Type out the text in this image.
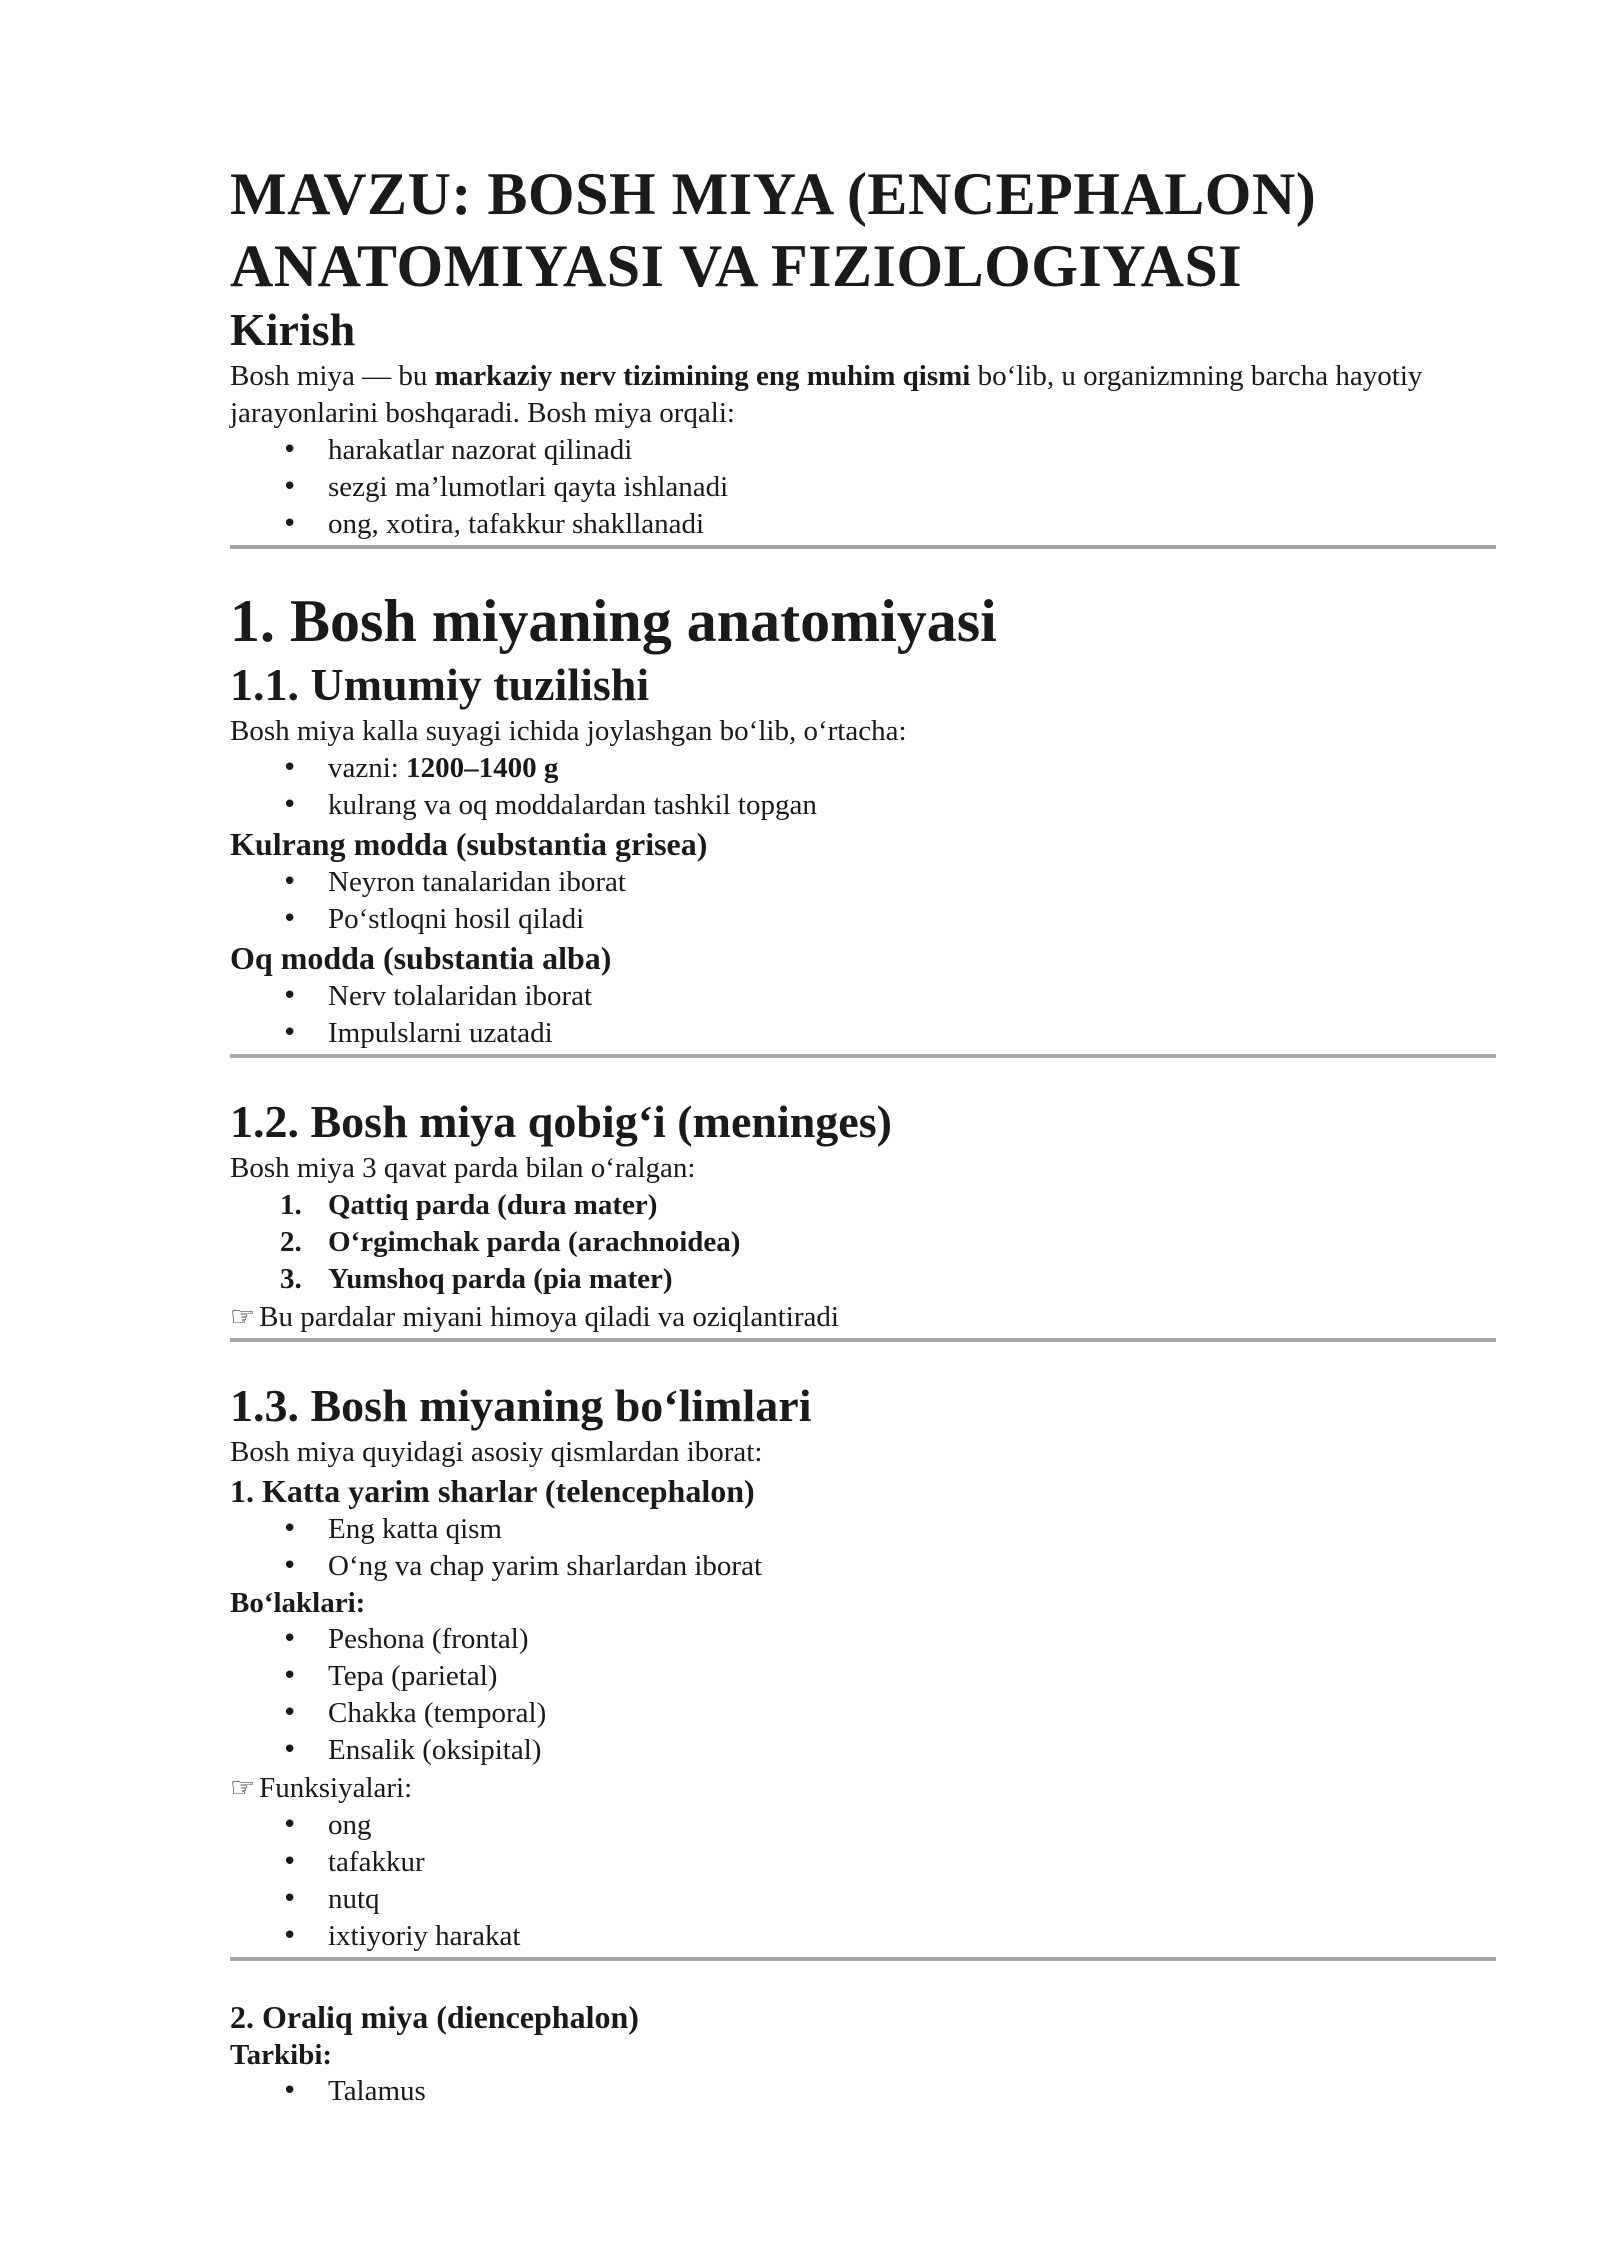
MAVZU: BOSH MIYA (ENCEPHALON)
ANATOMIYASI VA FIZIOLOGIYASI
Kirish

Bosh miya — bu markaziy nerv tizimining eng muhim qismi bo‘lib, u organizmning barcha hayotiy jarayonlarini boshqaradi. Bosh miya orqali:

• harakatlar nazorat qilinadi
• sezgi ma’lumotlari qayta ishlanadi
• ong, xotira, tafakkur shakllanadi
1. Bosh miyaning anatomiyasi
1.1. Umumiy tuzilishi

Bosh miya kalla suyagi ichida joylashgan bo‘lib, o‘rtacha:

• vazni: 1200–1400 g
• kulrang va oq moddalardan tashkil topgan
Kulrang modda (substantia grisea)
• Neyron tanalaridan iborat
• Po‘stloqni hosil qiladi
Oq modda (substantia alba)
• Nerv tolalaridan iborat
• Impulslarni uzatadi
1.2. Bosh miya qobig‘i (meninges)

Bosh miya 3 qavat parda bilan o‘ralgan:

1. Qattiq parda (dura mater)
2. O‘rgimchak parda (arachnoidea)
3. Yumshoq parda (pia mater)
☞ Bu pardalar miyani himoya qiladi va oziqlantiradi
1.3. Bosh miyaning bo‘limlari

Bosh miya quyidagi asosiy qismlardan iborat:

1. Katta yarim sharlar (telencephalon)
• Eng katta qism
• O‘ng va chap yarim sharlardan iborat
Bo‘laklari:
• Peshona (frontal)
• Tepa (parietal)
• Chakka (temporal)
• Ensalik (oksipital)
☞ Funksiyalari:
• ong
• tafakkur
• nutq
• ixtiyoriy harakat
2. Oraliq miya (diencephalon)
Tarkibi:
• Talamus
